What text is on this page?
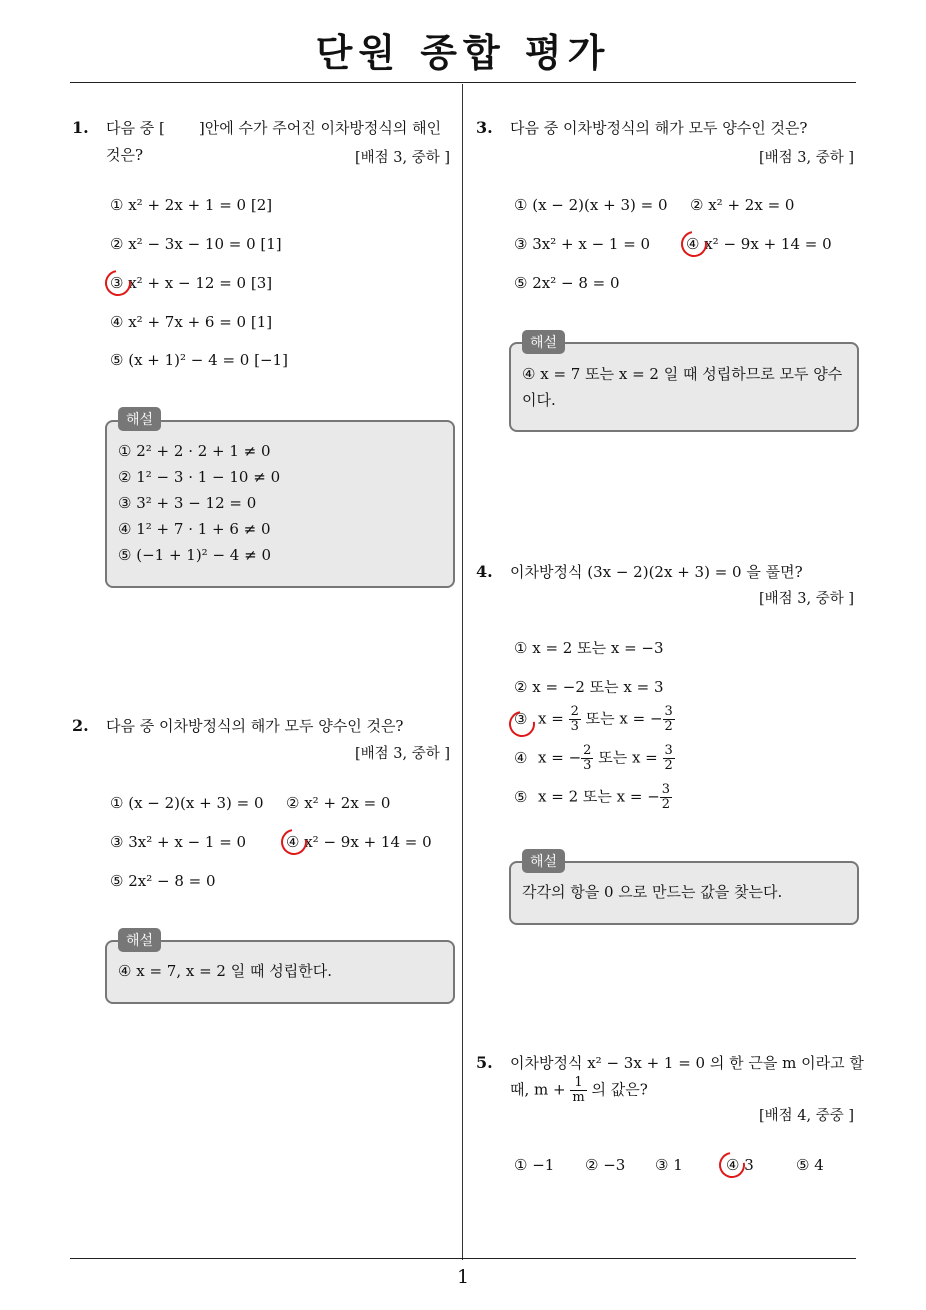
단원 종합 평가
1
1. 다음 중 [ ]안에 수가 주어진 이차방정식의 해인
것은?	[배점 3, 중하 ]
① x² + 2x + 1 = 0 [2]
② x² − 3x − 10 = 0 [1]
③ x² + x − 12 = 0 [3]
④ x² + 7x + 6 = 0 [1]
⑤ (x + 1)² − 4 = 0 [−1]
해설
① 2² + 2 · 2 + 1 ≠ 0
② 1² − 3 · 1 − 10 ≠ 0
③ 3² + 3 − 12 = 0
④ 1² + 7 · 1 + 6 ≠ 0
⑤ (−1 + 1)² − 4 ≠ 0
2. 다음 중 이차방정식의 해가 모두 양수인 것은?
[배점 3, 중하 ]
① (x − 2)(x + 3) = 0 ② x² + 2x = 0
③ 3x² + x − 1 = 0	④ x² − 9x + 14 = 0
⑤ 2x² − 8 = 0
해설
④ x = 7, x = 2 일 때 성립한다.
3. 다음 중 이차방정식의 해가 모두 양수인 것은?
[배점 3, 중하 ]
① (x − 2)(x + 3) = 0 ② x² + 2x = 0
③ 3x² + x − 1 = 0 ④ x² − 9x + 14 = 0
⑤ 2x² − 8 = 0
해설
④ x = 7 또는 x = 2 일 때 성립하므로 모두 양수
이다.
4. 이차방정식 (3x − 2)(2x + 3) = 0 을 풀면?
[배점 3, 중하 ]
① x = 2 또는 x = −3
② x = −2 또는 x = 3
③ $x = \frac{2}{3}$ 또는 x = − $\frac{3}{2}$
④ x = − $\frac{2}{3}$ 또는 $x = \frac{3}{2}$
⑤ x = 2 또는 x = − $\frac{3}{2}$
해설
각각의 항을 0 으로 만드는 값을 찾는다.
5. 이차방정식 x² − 3x + 1 = 0 의 한 근을 m 이라고 할
때, $m + \frac{1}{m}$ 의 값은?
[배점 4, 중중 ]
① −1 ② −3 ③ 1	④ 3	⑤ 4
